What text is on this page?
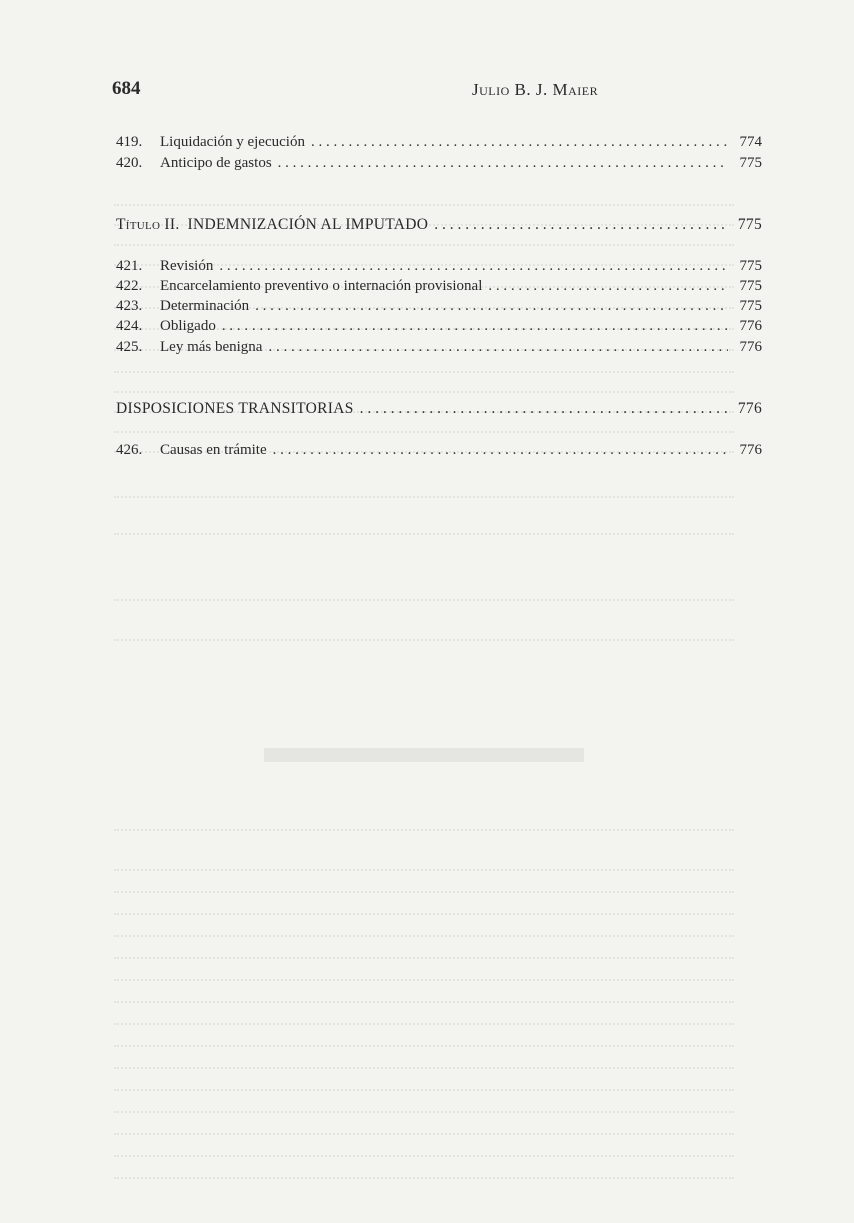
684	Julio B. J. Maier
419.	Liquidación y ejecución . . .	774
420.	Anticipo de gastos . . .	775
Título II. INDEMNIZACIÓN AL IMPUTADO . . .	775
421.	Revisión . . .	775
422.	Encarcelamiento preventivo o internación provisional . . .	775
423.	Determinación . . .	775
424.	Obligado . . .	776
425.	Ley más benigna . . .	776
DISPOSICIONES TRANSITORIAS . . .	776
426.	Causas en trámite . . .	776
